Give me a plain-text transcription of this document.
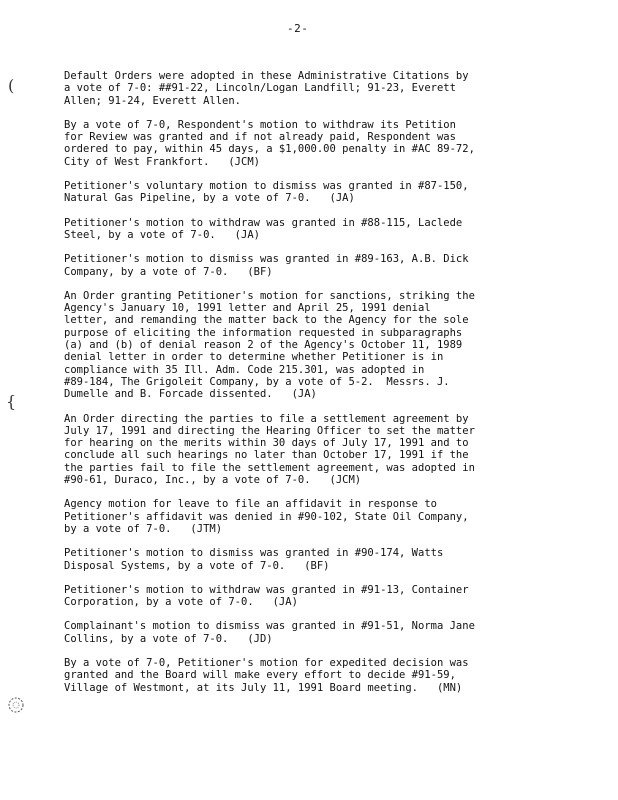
-2-
(
{

Default Orders were adopted in these Administrative Citations by
a vote of 7-0: ##91-22, Lincoln/Logan Landfill; 91-23, Everett
Allen; 91-24, Everett Allen.

By a vote of 7-0, Respondent's motion to withdraw its Petition
for Review was granted and if not already paid, Respondent was
ordered to pay, within 45 days, a $1,000.00 penalty in #AC 89-72,
City of West Frankfort.   (JCM)

Petitioner's voluntary motion to dismiss was granted in #87-150,
Natural Gas Pipeline, by a vote of 7-0.   (JA)

Petitioner's motion to withdraw was granted in #88-115, Laclede
Steel, by a vote of 7-0.   (JA)

Petitioner's motion to dismiss was granted in #89-163, A.B. Dick
Company, by a vote of 7-0.   (BF)

An Order granting Petitioner's motion for sanctions, striking the
Agency's January 10, 1991 letter and April 25, 1991 denial
letter, and remanding the matter back to the Agency for the sole
purpose of eliciting the information requested in subparagraphs
(a) and (b) of denial reason 2 of the Agency's October 11, 1989
denial letter in order to determine whether Petitioner is in
compliance with 35 Ill. Adm. Code 215.301, was adopted in
#89-184, The Grigoleit Company, by a vote of 5-2.  Messrs. J.
Dumelle and B. Forcade dissented.   (JA)

An Order directing the parties to file a settlement agreement by
July 17, 1991 and directing the Hearing Officer to set the matter
for hearing on the merits within 30 days of July 17, 1991 and to
conclude all such hearings no later than October 17, 1991 if the
the parties fail to file the settlement agreement, was adopted in
#90-61, Duraco, Inc., by a vote of 7-0.   (JCM)

Agency motion for leave to file an affidavit in response to
Petitioner's affidavit was denied in #90-102, State Oil Company,
by a vote of 7-0.   (JTM)

Petitioner's motion to dismiss was granted in #90-174, Watts
Disposal Systems, by a vote of 7-0.   (BF)

Petitioner's motion to withdraw was granted in #91-13, Container
Corporation, by a vote of 7-0.   (JA)

Complainant's motion to dismiss was granted in #91-51, Norma Jane
Collins, by a vote of 7-0.   (JD)

By a vote of 7-0, Petitioner's motion for expedited decision was
granted and the Board will make every effort to decide #91-59,
Village of Westmont, at its July 11, 1991 Board meeting.   (MN)
